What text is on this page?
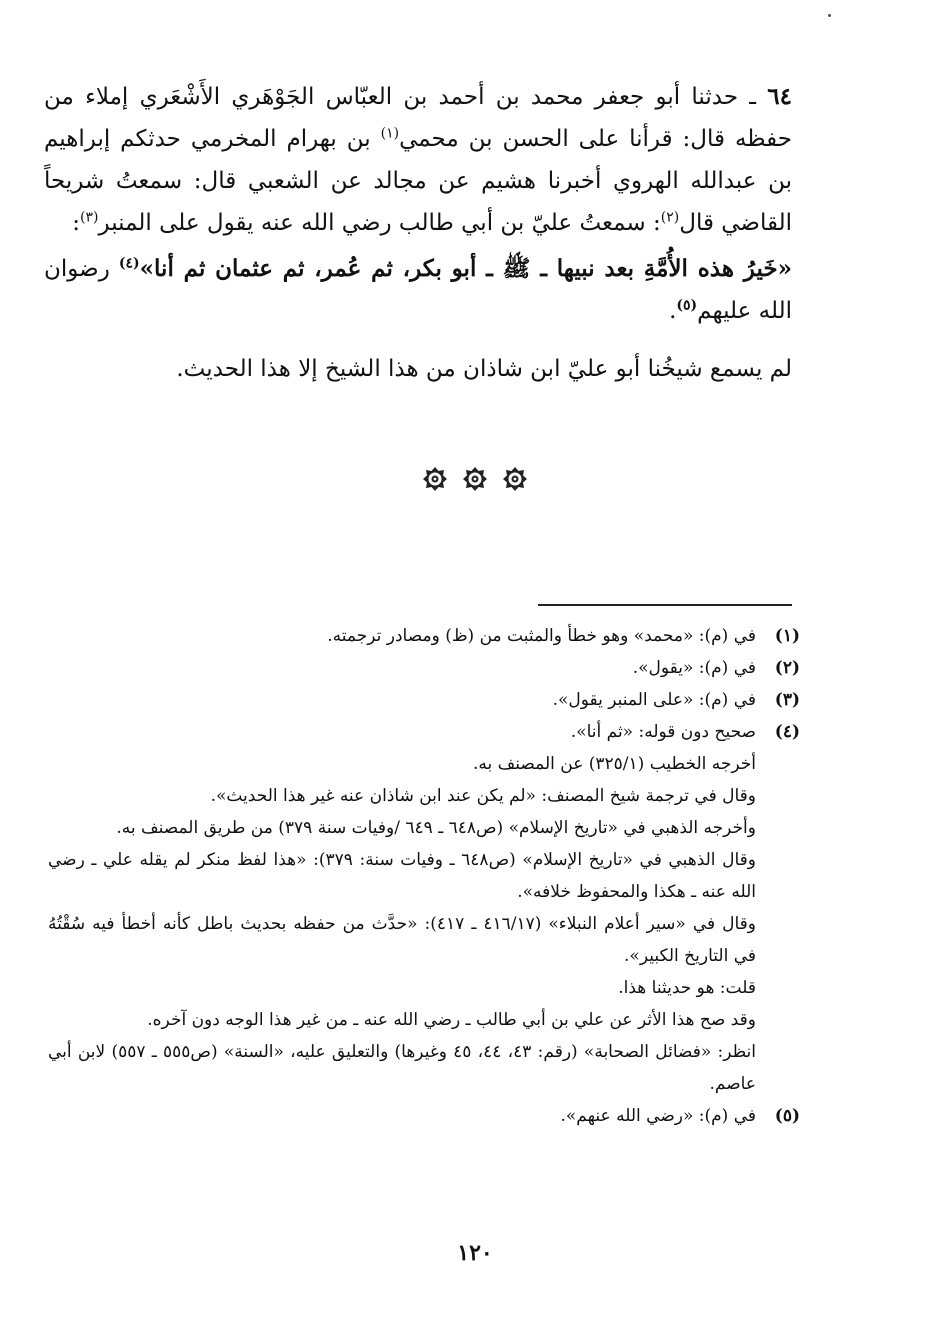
٦٤ ـ حدثنا أبو جعفر محمد بن أحمد بن العبّاس الجَوْهَري الأَشْعَري إملاء من حفظه قال: قرأنا على الحسن بن محمي$^{(١)}$ بن بهرام المخرمي حدثكم إبراهيم بن عبدالله الهروي أخبرنا هشيم عن مجالد عن الشعبي قال: سمعتُ شريحاً القاضي قال$^{(٢)}$: سمعتُ عليّ بن أبي طالب رضي الله عنه يقول على المنبر$^{(٣)}$:

«خَيرُ هذه الأُمَّةِ بعد نبيها ـ ﷺ ـ أبو بكر، ثم عُمر، ثم عثمان ثم أنا»$^{(٤)}$ رضوان الله عليهم$^{(٥)}$.

لم يسمع شيخُنا أبو عليّ ابن شاذان من هذا الشيخ إلا هذا الحديث.

(١)

في (م): «محمد» وهو خطأ والمثبت من (ظ) ومصادر ترجمته.

(٢)

في (م): «يقول».

(٣)

في (م): «على المنبر يقول».

(٤)

صحيح دون قوله: «ثم أنا».

أخرجه الخطيب (٣٢٥/١) عن المصنف به.

وقال في ترجمة شيخ المصنف: «لم يكن عند ابن شاذان عنه غير هذا الحديث».

وأخرجه الذهبي في «تاريخ الإسلام» (ص٦٤٨ ـ ٦٤٩ /وفيات سنة ٣٧٩) من طريق المصنف به.

وقال الذهبي في «تاريخ الإسلام» (ص٦٤٨ ـ وفيات سنة: ٣٧٩): «هذا لفظ منكر لم يقله علي ـ رضي الله عنه ـ هكذا والمحفوظ خلافه».

وقال في «سير أعلام النبلاء» (٤١٦/١٧ ـ ٤١٧): «حدَّث من حفظه بحديث باطل كأنه أخطأ فيه سُقْتُهُ في التاريخ الكبير».

قلت: هو حديثنا هذا.

وقد صح هذا الأثر عن علي بن أبي طالب ـ رضي الله عنه ـ من غير هذا الوجه دون آخره.

انظر: «فضائل الصحابة» (رقم: ٤٣، ٤٤، ٤٥ وغيرها) والتعليق عليه، «السنة» (ص٥٥٥ ـ ٥٥٧) لابن أبي عاصم.

(٥)

في (م): «رضي الله عنهم».

١٢٠
